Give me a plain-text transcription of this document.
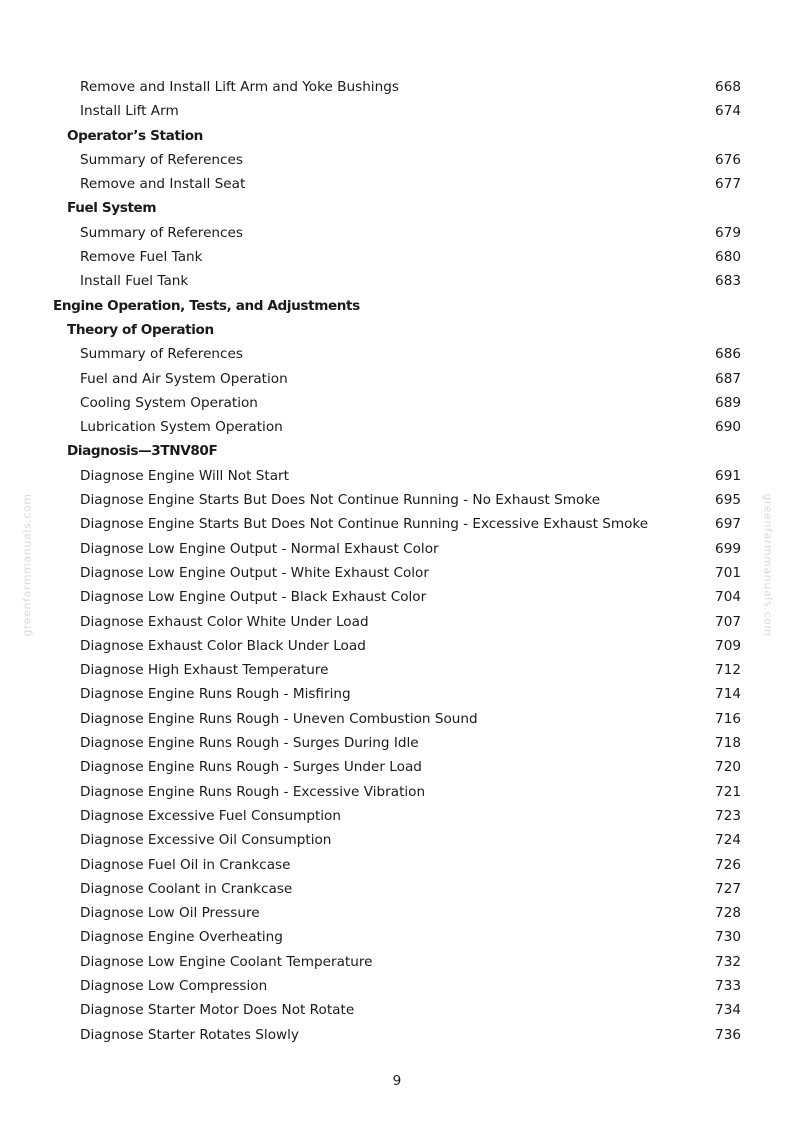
greenfarmmanuals.com	greenfarmmanuals.com
Remove and Install Lift Arm and Yoke Bushings	668
Install Lift Arm	674
Operator’s Station
Summary of References	676
Remove and Install Seat	677
Fuel System
Summary of References	679
Remove Fuel Tank	680
Install Fuel Tank	683
Engine Operation, Tests, and Adjustments
Theory of Operation
Summary of References	686
Fuel and Air System Operation	687
Cooling System Operation	689
Lubrication System Operation	690
Diagnosis—3TNV80F
Diagnose Engine Will Not Start	691
Diagnose Engine Starts But Does Not Continue Running - No Exhaust Smoke	695
Diagnose Engine Starts But Does Not Continue Running - Excessive Exhaust Smoke	697
Diagnose Low Engine Output - Normal Exhaust Color	699
Diagnose Low Engine Output - White Exhaust Color	701
Diagnose Low Engine Output - Black Exhaust Color	704
Diagnose Exhaust Color White Under Load	707
Diagnose Exhaust Color Black Under Load	709
Diagnose High Exhaust Temperature	712
Diagnose Engine Runs Rough - Misfiring	714
Diagnose Engine Runs Rough - Uneven Combustion Sound	716
Diagnose Engine Runs Rough - Surges During Idle	718
Diagnose Engine Runs Rough - Surges Under Load	720
Diagnose Engine Runs Rough - Excessive Vibration	721
Diagnose Excessive Fuel Consumption	723
Diagnose Excessive Oil Consumption	724
Diagnose Fuel Oil in Crankcase	726
Diagnose Coolant in Crankcase	727
Diagnose Low Oil Pressure	728
Diagnose Engine Overheating	730
Diagnose Low Engine Coolant Temperature	732
Diagnose Low Compression	733
Diagnose Starter Motor Does Not Rotate	734
Diagnose Starter Rotates Slowly	736
9
